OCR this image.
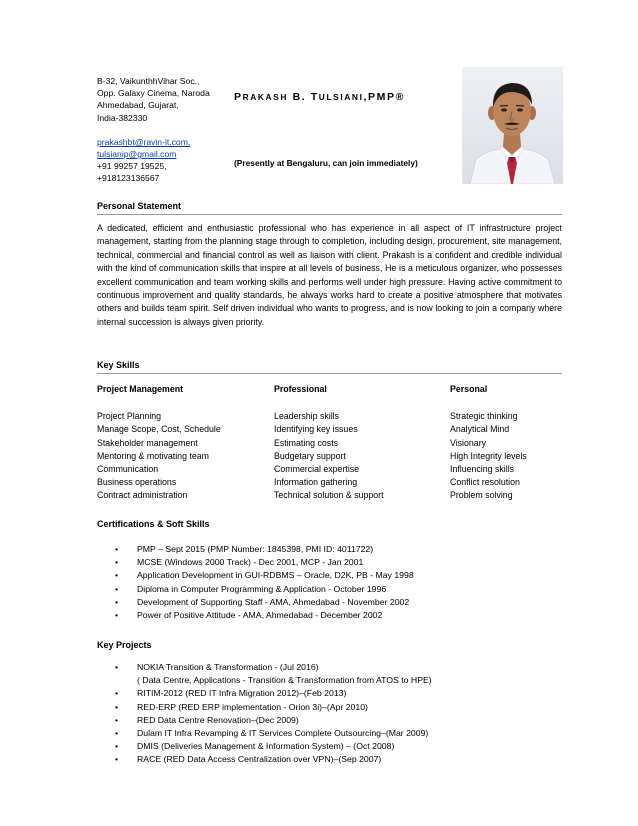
B-32, VaikunthhVihar Soc.,
Opp. Galaxy Cinema, Naroda
Ahmedabad, Gujarat,
India-382330
prakashbt@ravin-it.com,
tulsianip@gmail.com
+91 99257 19525,
+918123136567
PRAKASH B. TULSIANI,PMP®
(Presently at Bengaluru, can join immediately)
Personal Statement
A dedicated, efficient and enthusiastic professional who has experience in all aspect of IT infrastructure project management, starting from the planning stage through to completion, including design, procurement, site management, technical, commercial and financial control as well as liaison with client. Prakash is a confident and credible individual with the kind of communication skills that inspire at all levels of business, He is a meticulous organizer, who possesses excellent communication and team working skills and performs well under high pressure. Having active commitment to continuous improvement and quality standards, he always works hard to create a positive atmosphere that motivates others and builds team spirit. Self driven individual who wants to progress, and is now looking to join a company where internal succession is always given priority.
Key Skills
Project Management
Project Planning
Manage Scope, Cost, Schedule
Stakeholder management
Mentoring & motivating team
Communication
Business operations
Contract administration
Professional
Leadership skills
Identifying key issues
Estimating costs
Budgetary support
Commercial expertise
Information gathering
Technical solution & support
Personal
Strategic thinking
Analytical Mind
Visionary
High Integrity levels
Influencing skills
Conflict resolution
Problem solving
Certifications & Soft Skills
• PMP – Sept 2015 (PMP Number: 1845398, PMI ID: 4011722)
• MCSE (Windows 2000 Track) - Dec 2001, MCP - Jan 2001
• Application Development in GUI-RDBMS – Oracle, D2K, PB - May 1998
• Diploma in Computer Programming & Application - October 1996
• Development of Supporting Staff - AMA, Ahmedabad - November 2002
• Power of Positive Attitude - AMA, Ahmedabad - December 2002
Key Projects
• NOKIA Transition & Transformation - (Jul 2016)
( Data Centre, Applications - Transition & Transformation from ATOS to HPE)
• RITIM-2012 (RED IT Infra Migration 2012)–(Feb 2013)
• RED-ERP (RED ERP implementation - Orion 3i)–(Apr 2010)
• RED Data Centre Renovation–(Dec 2009)
• Dulam IT Infra Revamping & IT Services Complete Outsourcing–(Mar 2009)
• DMIS (Deliveries Management & Information System) – (Oct 2008)
• RACE (RED Data Access Centralization over VPN)–(Sep 2007)
